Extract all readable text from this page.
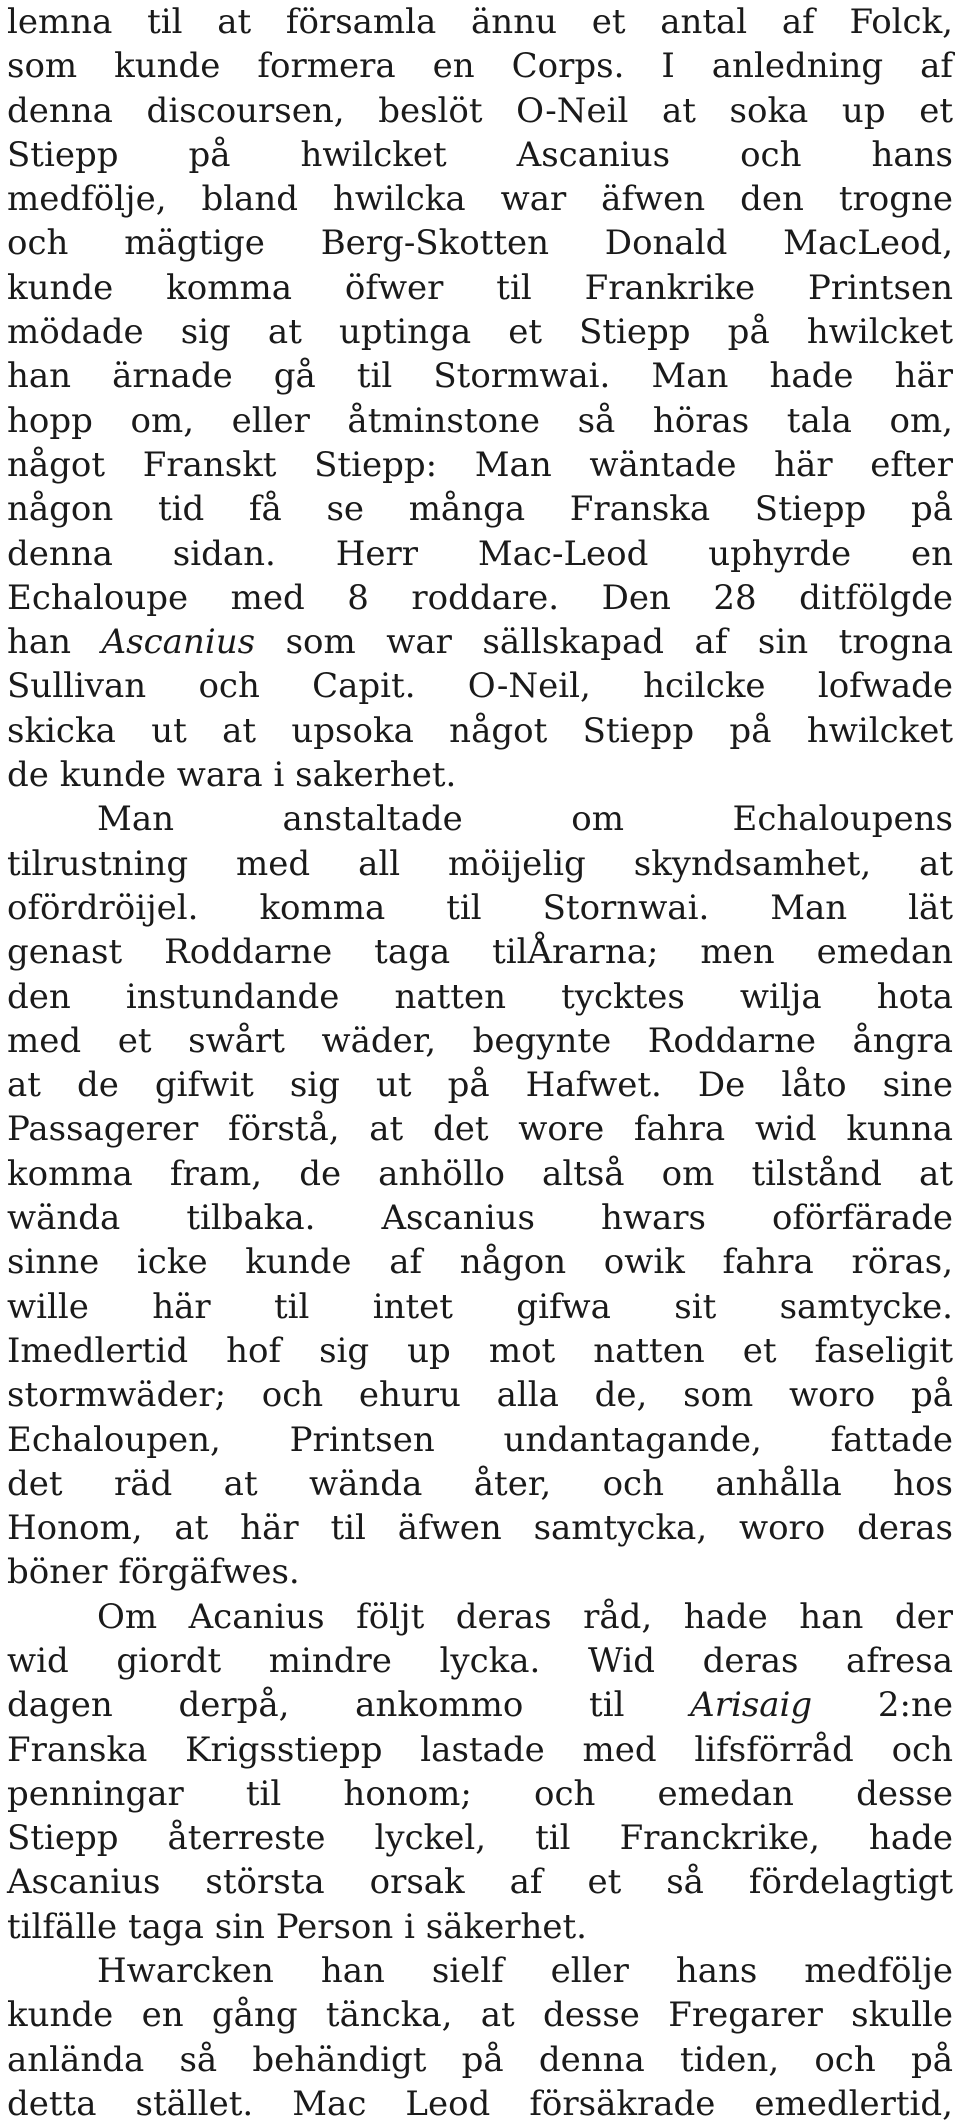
lemna til at församla ännu et antal af Folck,
som kunde formera en Corps. I anledning af
denna discoursen, beslöt O-Neil at soka up et
Stiepp på hwilcket Ascanius och hans
medfölje, bland hwilcka war äfwen den trogne
och mägtige Berg-Skotten Donald MacLeod,
kunde komma öfwer til Frankrike Printsen
mödade sig at uptinga et Stiepp på hwilcket
han ärnade gå til Stormwai. Man hade här
hopp om, eller åtminstone så höras tala om,
något Franskt Stiepp: Man wäntade här efter
någon tid få se många Franska Stiepp på
denna sidan. Herr Mac-Leod uphyrde en
Echaloupe med 8 roddare. Den 28 ditfölgde
han Ascanius som war sällskapad af sin trogna
Sullivan och Capit. O-Neil, hcilcke lofwade
skicka ut at upsoka något Stiepp på hwilcket
de kunde wara i sakerhet.
Man anstaltade om Echaloupens
tilrustning med all möijelig skyndsamhet, at
ofördröijel. komma til Stornwai. Man lät
genast Roddarne taga tilÅrarna; men emedan
den instundande natten tycktes wilja hota
med et swårt wäder, begynte Roddarne ångra
at de gifwit sig ut på Hafwet. De låto sine
Passagerer förstå, at det wore fahra wid kunna
komma fram, de anhöllo altså om tilstånd at
wända tilbaka. Ascanius hwars oförfärade
sinne icke kunde af någon owik fahra röras,
wille här til intet gifwa sit samtycke.
Imedlertid hof sig up mot natten et faseligit
stormwäder; och ehuru alla de, som woro på
Echaloupen, Printsen undantagande, fattade
det räd at wända åter, och anhålla hos
Honom, at här til äfwen samtycka, woro deras
böner förgäfwes.
Om Acanius följt deras råd, hade han der
wid giordt mindre lycka. Wid deras afresa
dagen derpå, ankommo til Arisaig 2:ne
Franska Krigsstiepp lastade med lifsförråd och
penningar til honom; och emedan desse
Stiepp återreste lyckel, til Franckrike, hade
Ascanius största orsak af et så fördelagtigt
tilfälle taga sin Person i säkerhet.
Hwarcken han sielf eller hans medfölje
kunde en gång täncka, at desse Fregarer skulle
anlända så behändigt på denna tiden, och på
detta stället. Mac Leod försäkrade emedlertid,
